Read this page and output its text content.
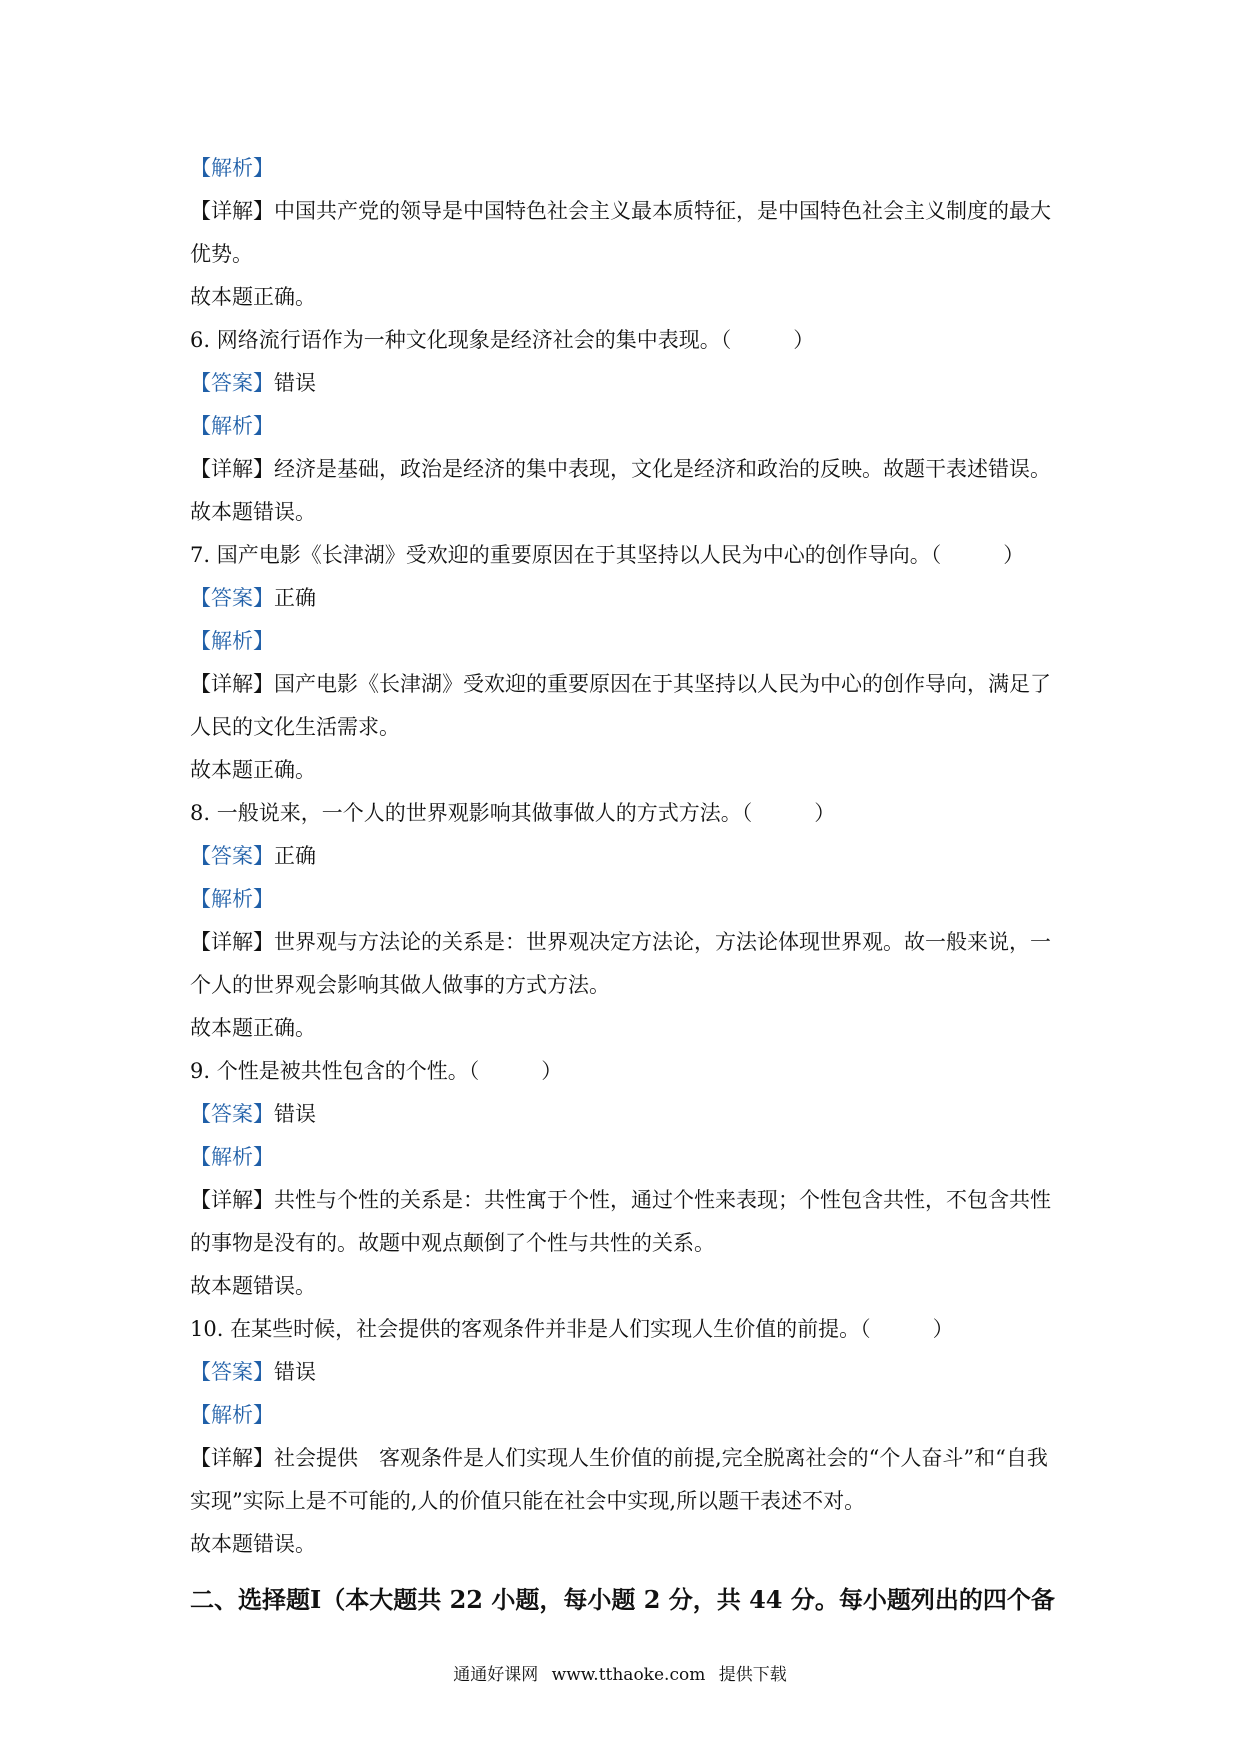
【解析】
【详解】中国共产党的领导是中国特色社会主义最本质特征，是中国特色社会主义制度的最大优势。
故本题正确。
6. 网络流行语作为一种文化现象是经济社会的集中表现。（	）
【答案】错误
【解析】
【详解】经济是基础，政治是经济的集中表现，文化是经济和政治的反映。故题干表述错误。
故本题错误。
7. 国产电影《长津湖》受欢迎的重要原因在于其坚持以人民为中心的创作导向。（	）
【答案】正确
【解析】
【详解】国产电影《长津湖》受欢迎的重要原因在于其坚持以人民为中心的创作导向，满足了人民的文化生活需求。
故本题正确。
8. 一般说来，一个人的世界观影响其做事做人的方式方法。（	）
【答案】正确
【解析】
【详解】世界观与方法论的关系是：世界观决定方法论，方法论体现世界观。故一般来说，一个人的世界观会影响其做人做事的方式方法。
故本题正确。
9. 个性是被共性包含的个性。（	）
【答案】错误
【解析】
【详解】共性与个性的关系是：共性寓于个性，通过个性来表现；个性包含共性，不包含共性的事物是没有的。故题中观点颠倒了个性与共性的关系。
故本题错误。
10. 在某些时候，社会提供的客观条件并非是人们实现人生价值的前提。（	）
【答案】错误
【解析】
【详解】社会提供　客观条件是人们实现人生价值的前提,完全脱离社会的“个人奋斗”和“自我实现”实际上是不可能的,人的价值只能在社会中实现,所以题干表述不对。
故本题错误。
二、选择题Ⅰ（本大题共 22 小题，每小题 2 分，共 44 分。每小题列出的四个备
通通好课网 www.tthaoke.com 提供下载
